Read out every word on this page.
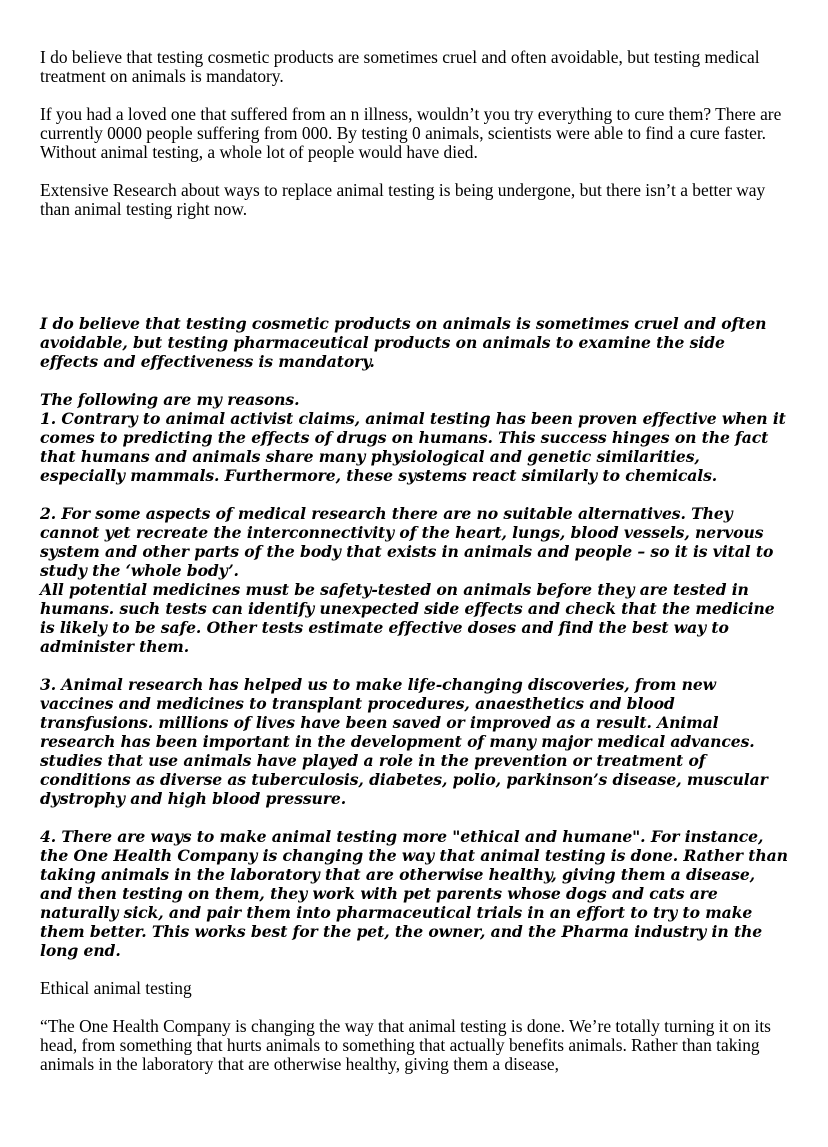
I do believe that testing cosmetic products are sometimes cruel and often avoidable, but testing medical treatment on animals is mandatory.

If you had a loved one that suffered from an n illness, wouldn’t you try everything to cure them? There are currently 0000 people suffering from 000. By testing 0 animals, scientists were able to find a cure faster. Without animal testing, a whole lot of people would have died.

Extensive Research about ways to replace animal testing is being undergone, but there isn’t a better way than animal testing right now.

I do believe that testing cosmetic products on animals is sometimes cruel and often avoidable, but testing pharmaceutical products on animals to examine the side effects and effectiveness is mandatory.

The following are my reasons.

1. Contrary to animal activist claims, animal testing has been proven effective when it comes to predicting the effects of drugs on humans. This success hinges on the fact that humans and animals share many physiological and genetic similarities, especially mammals. Furthermore, these systems react similarly to chemicals.

2. For some aspects of medical research there are no suitable alternatives. They cannot yet recreate the interconnectivity of the heart, lungs, blood vessels, nervous system and other parts of the body that exists in animals and people – so it is vital to study the ‘whole body’.

All potential medicines must be safety-tested on animals before they are tested in humans. such tests can identify unexpected side effects and check that the medicine is likely to be safe. Other tests estimate effective doses and find the best way to administer them.

3. Animal research has helped us to make life-changing discoveries, from new vaccines and medicines to transplant procedures, anaesthetics and blood transfusions. millions of lives have been saved or improved as a result. Animal research has been important in the development of many major medical advances. studies that use animals have played a role in the prevention or treatment of conditions as diverse as tuberculosis, diabetes, polio, parkinson’s disease, muscular dystrophy and high blood pressure.

4. There are ways to make animal testing more "ethical and humane". For instance, the One Health Company is changing the way that animal testing is done. Rather than taking animals in the laboratory that are otherwise healthy, giving them a disease, and then testing on them, they work with pet parents whose dogs and cats are naturally sick, and pair them into pharmaceutical trials in an effort to try to make them better. This works best for the pet, the owner, and the Pharma industry in the long end.

Ethical animal testing

“The One Health Company is changing the way that animal testing is done. We’re totally turning it on its head, from something that hurts animals to something that actually benefits animals. Rather than taking animals in the laboratory that are otherwise healthy, giving them a disease,
